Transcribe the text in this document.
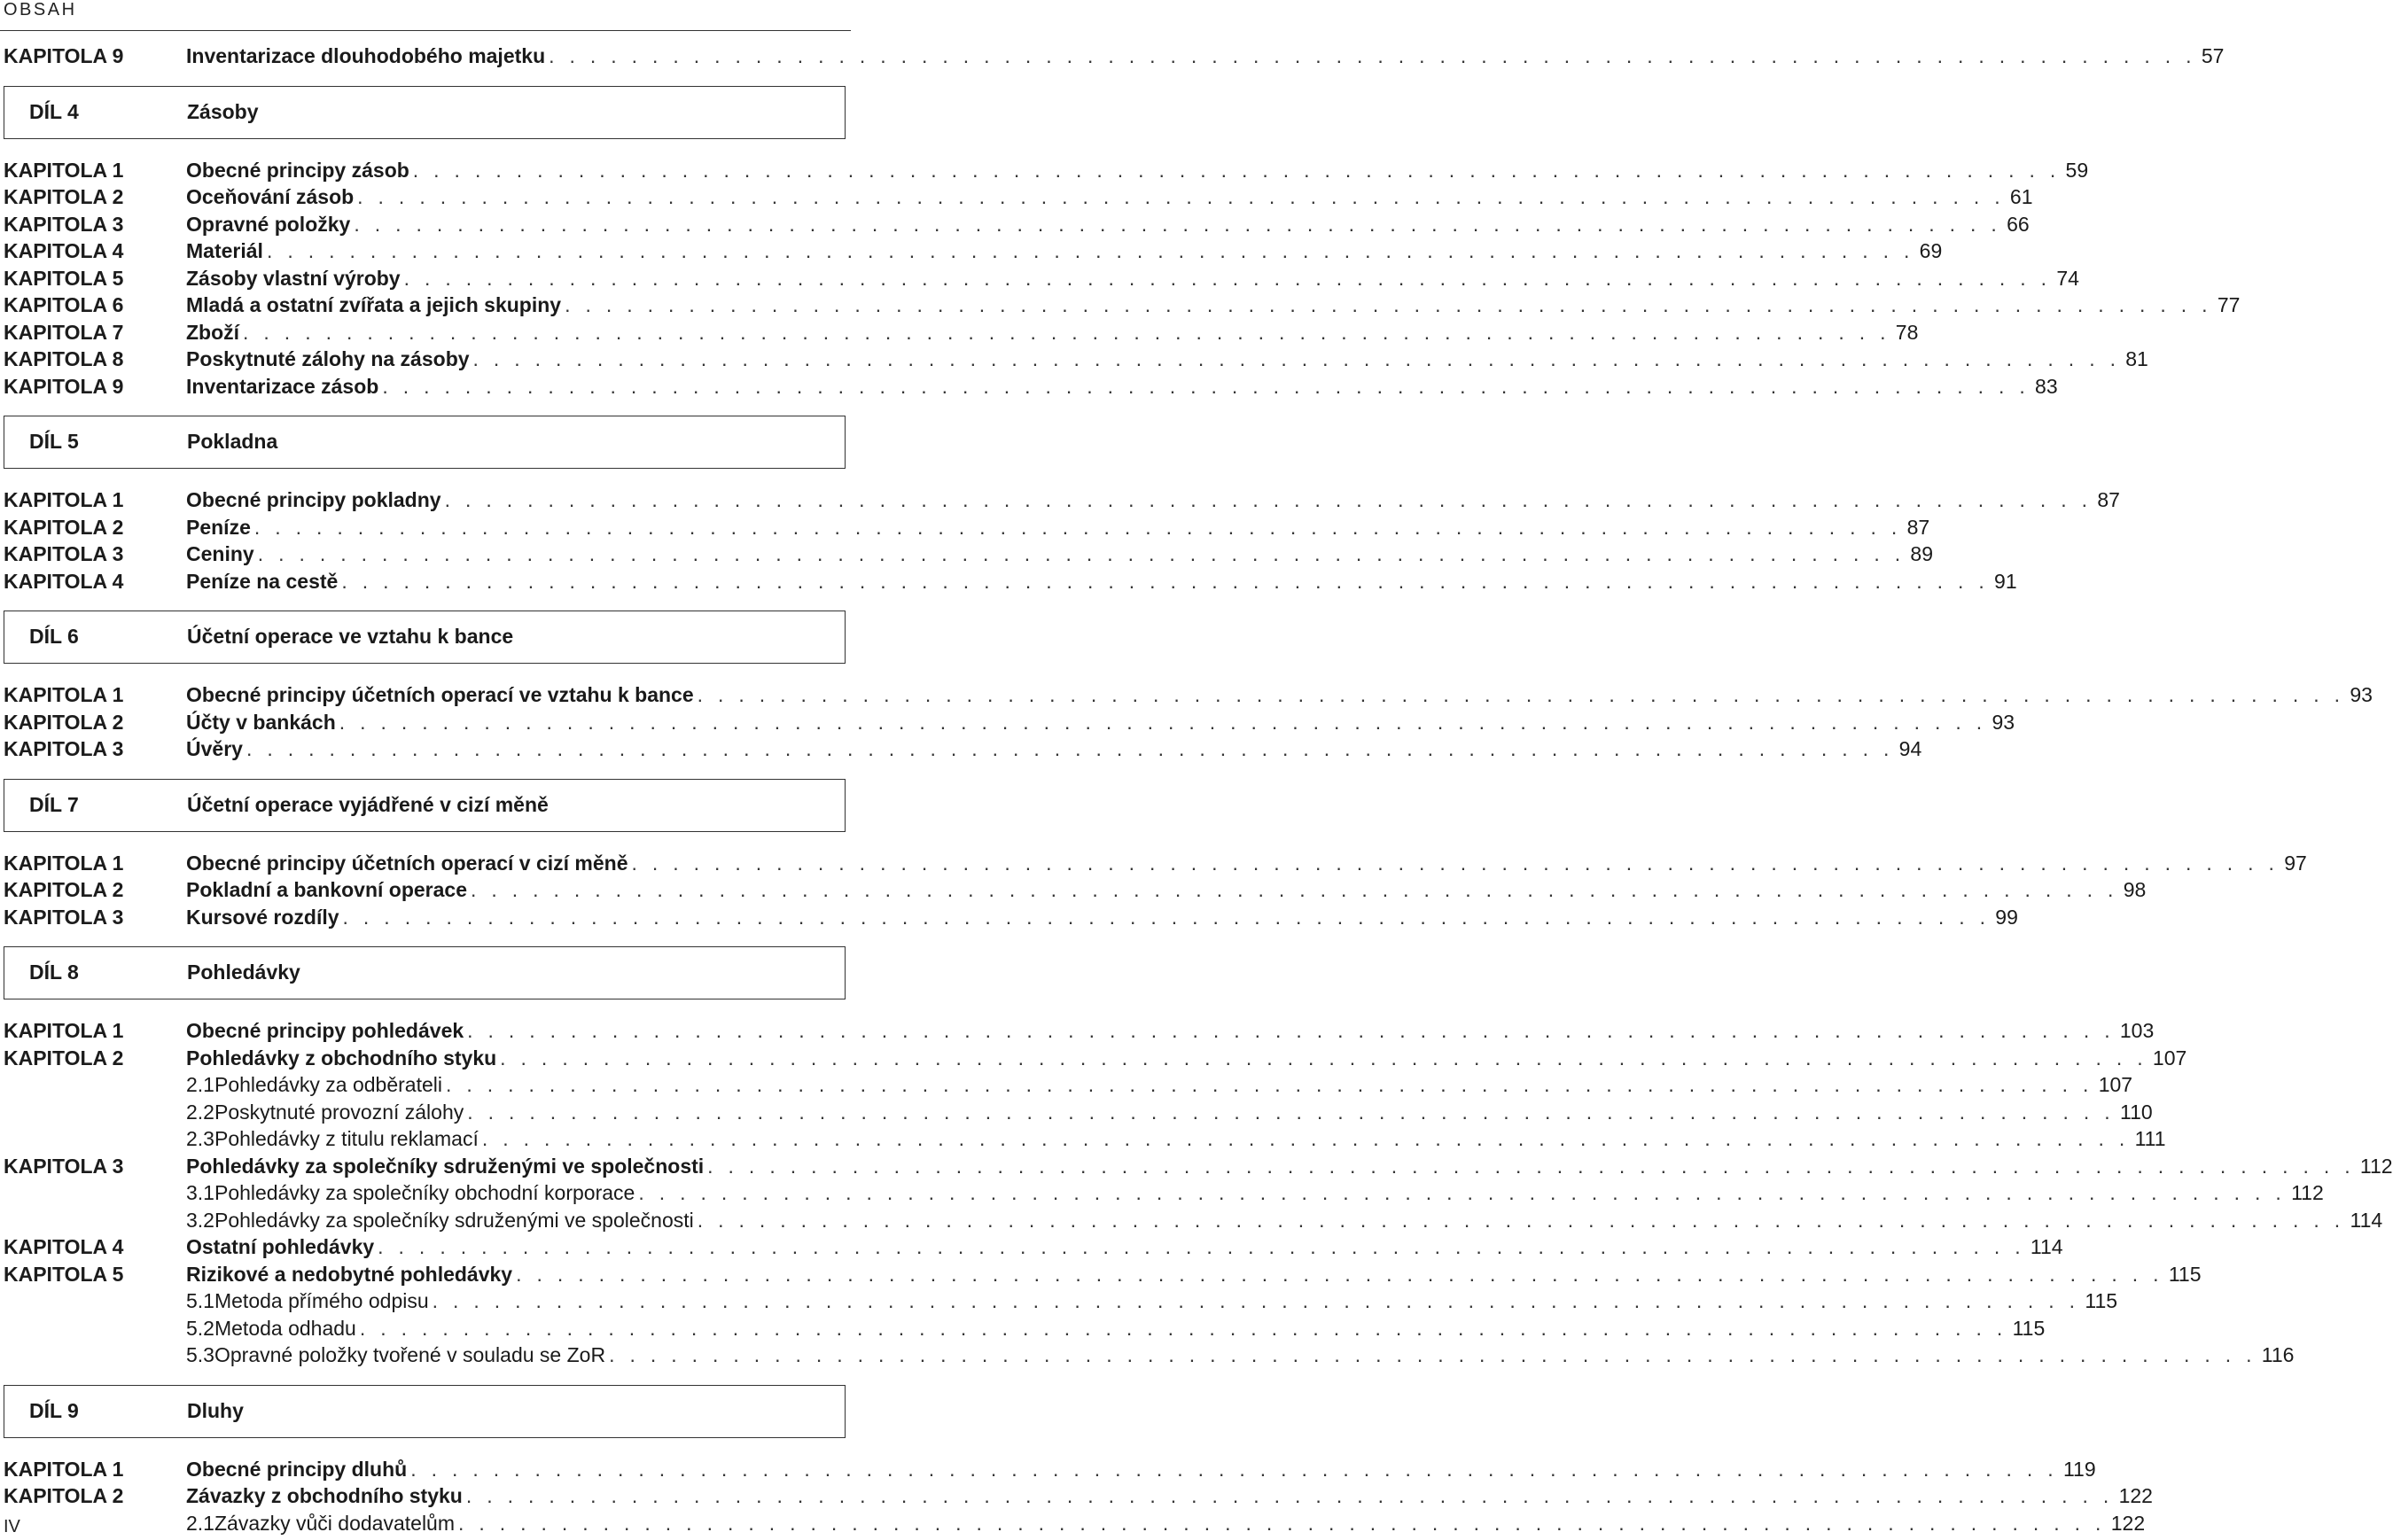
OBSAH
KAPITOLA 9	Inventarizace dlouhodobého majetku . . . . . . . . . . . . . . . . . . . . . . . . . . . . . . . . . . . . . . . . . . . . . . . . . . . . . . . . . . . . . . . . . . . . . . . . . . . . . . . . 57
DÍL 4	Zásoby
KAPITOLA 1	Obecné principy zásob . . . . . . . . . . . . . . . . . . . . . . . . . . . . . . . . . . . . . . . . . . . . . . . . . . . . . . . . . . . . . . . . . . . . . . . . . . . . . . . . 59
KAPITOLA 2	Oceňování zásob . . . . . . . . . . . . . . . . . . . . . . . . . . . . . . . . . . . . . . . . . . . . . . . . . . . . . . . . . . . . . . . . . . . . . . . . . . . . . . . . 61
KAPITOLA 3	Opravné položky . . . . . . . . . . . . . . . . . . . . . . . . . . . . . . . . . . . . . . . . . . . . . . . . . . . . . . . . . . . . . . . . . . . . . . . . . . . . . . . . 66
KAPITOLA 4	Materiál . . . . . . . . . . . . . . . . . . . . . . . . . . . . . . . . . . . . . . . . . . . . . . . . . . . . . . . . . . . . . . . . . . . . . . . . . . . . . . . . 69
KAPITOLA 5	Zásoby vlastní výroby . . . . . . . . . . . . . . . . . . . . . . . . . . . . . . . . . . . . . . . . . . . . . . . . . . . . . . . . . . . . . . . . . . . . . . . . . . . . . . . . 74
KAPITOLA 6	Mladá a ostatní zvířata a jejich skupiny . . . . . . . . . . . . . . . . . . . . . . . . . . . . . . . . . . . . . . . . . . . . . . . . . . . . . . . . . . . . . . . . . . . . . . . . . . . . . . . . 77
KAPITOLA 7	Zboží . . . . . . . . . . . . . . . . . . . . . . . . . . . . . . . . . . . . . . . . . . . . . . . . . . . . . . . . . . . . . . . . . . . . . . . . . . . . . . . . 78
KAPITOLA 8	Poskytnuté zálohy na zásoby . . . . . . . . . . . . . . . . . . . . . . . . . . . . . . . . . . . . . . . . . . . . . . . . . . . . . . . . . . . . . . . . . . . . . . . . . . . . . . . . 81
KAPITOLA 9	Inventarizace zásob . . . . . . . . . . . . . . . . . . . . . . . . . . . . . . . . . . . . . . . . . . . . . . . . . . . . . . . . . . . . . . . . . . . . . . . . . . . . . . . . 83
DÍL 5	Pokladna
KAPITOLA 1	Obecné principy pokladny . . . . . . . . . . . . . . . . . . . . . . . . . . . . . . . . . . . . . . . . . . . . . . . . . . . . . . . . . . . . . . . . . . . . . . . . . . . . . . . . 87
KAPITOLA 2	Peníze . . . . . . . . . . . . . . . . . . . . . . . . . . . . . . . . . . . . . . . . . . . . . . . . . . . . . . . . . . . . . . . . . . . . . . . . . . . . . . . . 87
KAPITOLA 3	Ceniny . . . . . . . . . . . . . . . . . . . . . . . . . . . . . . . . . . . . . . . . . . . . . . . . . . . . . . . . . . . . . . . . . . . . . . . . . . . . . . . . 89
KAPITOLA 4	Peníze na cestě . . . . . . . . . . . . . . . . . . . . . . . . . . . . . . . . . . . . . . . . . . . . . . . . . . . . . . . . . . . . . . . . . . . . . . . . . . . . . . . . 91
DÍL 6	Účetní operace ve vztahu k bance
KAPITOLA 1	Obecné principy účetních operací ve vztahu k bance . . . . . . . . . . . . . . . . . . . . . . . . . . . . . . . . . . . . . . . . . . . . . . . . . . . . . . . . . . . . . . . . . . . . . . . . . . . . . . . . 93
KAPITOLA 2	Účty v bankách . . . . . . . . . . . . . . . . . . . . . . . . . . . . . . . . . . . . . . . . . . . . . . . . . . . . . . . . . . . . . . . . . . . . . . . . . . . . . . . . 93
KAPITOLA 3	Úvěry . . . . . . . . . . . . . . . . . . . . . . . . . . . . . . . . . . . . . . . . . . . . . . . . . . . . . . . . . . . . . . . . . . . . . . . . . . . . . . . . 94
DÍL 7	Účetní operace vyjádřené v cizí měně
KAPITOLA 1	Obecné principy účetních operací v cizí měně . . . . . . . . . . . . . . . . . . . . . . . . . . . . . . . . . . . . . . . . . . . . . . . . . . . . . . . . . . . . . . . . . . . . . . . . . . . . . . . . 97
KAPITOLA 2	Pokladní a bankovní operace . . . . . . . . . . . . . . . . . . . . . . . . . . . . . . . . . . . . . . . . . . . . . . . . . . . . . . . . . . . . . . . . . . . . . . . . . . . . . . . . 98
KAPITOLA 3	Kursové rozdíly . . . . . . . . . . . . . . . . . . . . . . . . . . . . . . . . . . . . . . . . . . . . . . . . . . . . . . . . . . . . . . . . . . . . . . . . . . . . . . . . 99
DÍL 8	Pohledávky
KAPITOLA 1	Obecné principy pohledávek . . . . . . . . . . . . . . . . . . . . . . . . . . . . . . . . . . . . . . . . . . . . . . . . . . . . . . . . . . . . . . . . . . . . . . . . . . . . . . . . 103
KAPITOLA 2	Pohledávky z obchodního styku . . . . . . . . . . . . . . . . . . . . . . . . . . . . . . . . . . . . . . . . . . . . . . . . . . . . . . . . . . . . . . . . . . . . . . . . . . . . . . . . 107
2.1 Pohledávky za odběrateli . . . . . . . . . . . . . . . . . . . . . . . . . . . . . . . . . . . . . . . . . . . . . . . . . . . . . . . . . . . . . . . . . . . . . . . . . . . . . . . . 107
2.2 Poskytnuté provozní zálohy . . . . . . . . . . . . . . . . . . . . . . . . . . . . . . . . . . . . . . . . . . . . . . . . . . . . . . . . . . . . . . . . . . . . . . . . . . . . . . . . 110
2.3 Pohledávky z titulu reklamací . . . . . . . . . . . . . . . . . . . . . . . . . . . . . . . . . . . . . . . . . . . . . . . . . . . . . . . . . . . . . . . . . . . . . . . . . . . . . . . . 111
KAPITOLA 3	Pohledávky za společníky sdruženými ve společnosti . . . . . . . . . . . . . . . . . . . . . . . . . . . . . . . . . . . . . . . . . . . . . . . . . . . . . . . . . . . . . . . . . . . . . . . . . . . . . . . . 112
3.1 Pohledávky za společníky obchodní korporace . . . . . . . . . . . . . . . . . . . . . . . . . . . . . . . . . . . . . . . . . . . . . . . . . . . . . . . . . . . . . . . . . . . . . . . . . . . . . . . . 112
3.2 Pohledávky za společníky sdruženými ve společnosti . . . . . . . . . . . . . . . . . . . . . . . . . . . . . . . . . . . . . . . . . . . . . . . . . . . . . . . . . . . . . . . . . . . . . . . . . . . . . . . . 114
KAPITOLA 4	Ostatní pohledávky . . . . . . . . . . . . . . . . . . . . . . . . . . . . . . . . . . . . . . . . . . . . . . . . . . . . . . . . . . . . . . . . . . . . . . . . . . . . . . . . 114
KAPITOLA 5	Rizikové a nedobytné pohledávky . . . . . . . . . . . . . . . . . . . . . . . . . . . . . . . . . . . . . . . . . . . . . . . . . . . . . . . . . . . . . . . . . . . . . . . . . . . . . . . . 115
5.1 Metoda přímého odpisu . . . . . . . . . . . . . . . . . . . . . . . . . . . . . . . . . . . . . . . . . . . . . . . . . . . . . . . . . . . . . . . . . . . . . . . . . . . . . . . . 115
5.2 Metoda odhadu . . . . . . . . . . . . . . . . . . . . . . . . . . . . . . . . . . . . . . . . . . . . . . . . . . . . . . . . . . . . . . . . . . . . . . . . . . . . . . . . 115
5.3 Opravné položky tvořené v souladu se ZoR . . . . . . . . . . . . . . . . . . . . . . . . . . . . . . . . . . . . . . . . . . . . . . . . . . . . . . . . . . . . . . . . . . . . . . . . . . . . . . . . 116
DÍL 9	Dluhy
KAPITOLA 1	Obecné principy dluhů . . . . . . . . . . . . . . . . . . . . . . . . . . . . . . . . . . . . . . . . . . . . . . . . . . . . . . . . . . . . . . . . . . . . . . . . . . . . . . . . 119
KAPITOLA 2	Závazky z obchodního styku . . . . . . . . . . . . . . . . . . . . . . . . . . . . . . . . . . . . . . . . . . . . . . . . . . . . . . . . . . . . . . . . . . . . . . . . . . . . . . . . 122
2.1 Závazky vůči dodavatelům . . . . . . . . . . . . . . . . . . . . . . . . . . . . . . . . . . . . . . . . . . . . . . . . . . . . . . . . . . . . . . . . . . . . . . . . . . . . . . . . 122
IV
